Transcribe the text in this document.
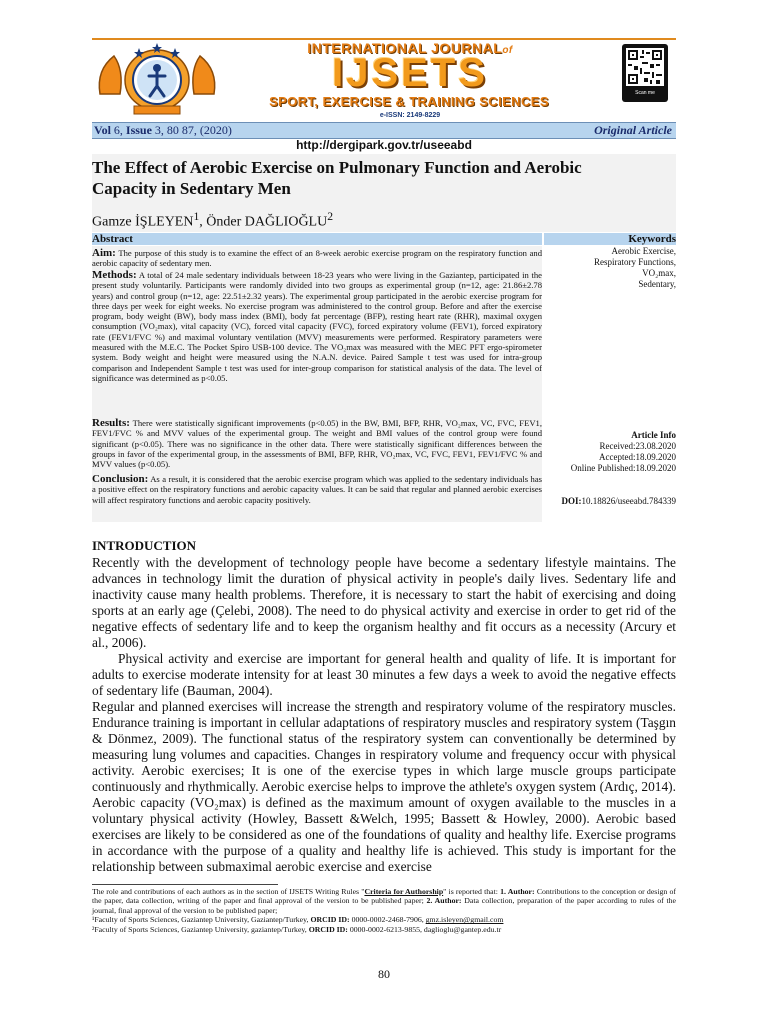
INTERNATIONAL JOURNALof
IJSETS
SPORT, EXERCISE & TRAINING SCIENCES
e-ISSN: 2149-8229
Scan me
Vol 6, Issue 3, 80 87, (2020)	Original Article
http://dergipark.gov.tr/useeabd
The Effect of Aerobic Exercise on Pulmonary Function and Aerobic Capacity in Sedentary Men
Gamze İŞLEYEN$^1$, Önder DAĞLIOĞLU$^2$
Abstract	Keywords
Aim: The purpose of this study is to examine the effect of an 8-week aerobic exercise program on the respiratory function and aerobic capacity of sedentary men.
Methods: A total of 24 male sedentary individuals between 18-23 years who were living in the Gaziantep, participated in the present study voluntarily. Participants were randomly divided into two groups as experimental group (n=12, age: 21.86±2.78 years) and control group (n=12, age: 22.51±2.32 years). The experimental group participated in the aerobic exercise program for three days per week for eight weeks. No exercise program was administered to the control group. Before and after the exercise program, body weight (BW), body mass index (BMI), body fat percentage (BFP), resting heart rate (RHR), maximal oxygen consumption (VO₂max), vital capacity (VC), forced vital capacity (FVC), forced expiratory volume (FEV1), forced expiratory rate (FEV1/FVC %) and maximal voluntary ventilation (MVV) measurements were performed. Respiratory parameters were measured with the M.E.C. The Pocket Spiro USB-100 device. The VO₂max was measured with the MEC PFT ergo-spirometer system. Body weight and height were measured using the N.A.N. device. Paired Sample t test was used for intra-group comparison and Independent Sample t test was used for inter-group comparison for statistical analysis of the data. The level of significance was determined as p<0.05.
Results: There were statistically significant improvements (p<0.05) in the BW, BMI, BFP, RHR, VO₂max, VC, FVC, FEV1, FEV1/FVC % and MVV values of the experimental group. The weight and BMI values of the control group were found significant (p<0.05). There was no significance in the other data. There were statistically significant differences between the groups in favor of the experimental group, in the assessments of BMI, BFP, RHR, VO₂max, VC, FVC, FEV1, FEV1/FVC % and MVV values (p<0.05).
Conclusion: As a result, it is considered that the aerobic exercise program which was applied to the sedentary individuals has a positive effect on the respiratory functions and aerobic capacity values. It can be said that regular and planned aerobic exercises will affect respiratory functions and aerobic capacity positively.
Aerobic Exercise,
Respiratory Functions,
VO₂max,
Sedentary,
Article Info
Received:23.08.2020
Accepted:18.09.2020
Online Published:18.09.2020
DOI:10.18826/useeabd.784339
INTRODUCTION

Recently with the development of technology people have become a sedentary lifestyle maintains. The advances in technology limit the duration of physical activity in people's daily lives. Sedentary life and inactivity cause many health problems. Therefore, it is necessary to start the habit of exercising and doing sports at an early age (Çelebi, 2008). The need to do physical activity and exercise in order to get rid of the negative effects of sedentary life and to keep the organism healthy and fit occurs as a necessity (Arcury et al., 2006).

Physical activity and exercise are important for general health and quality of life. It is important for adults to exercise moderate intensity for at least 30 minutes a few days a week to avoid the negative effects of sedentary life (Bauman, 2004).

Regular and planned exercises will increase the strength and respiratory volume of the respiratory muscles. Endurance training is important in cellular adaptations of respiratory muscles and respiratory system (Taşgın & Dönmez, 2009). The functional status of the respiratory system can conventionally be determined by measuring lung volumes and capacities. Changes in respiratory volume and frequency occur with physical activity. Aerobic exercises; It is one of the exercise types in which large muscle groups participate continuously and rhythmically. Aerobic exercise helps to improve the athlete's oxygen system (Ardıç, 2014). Aerobic capacity (VO₂max) is defined as the maximum amount of oxygen available to the muscles in a voluntary physical activity (Howley, Bassett &Welch, 1995; Bassett & Howley, 2000). Aerobic based exercises are likely to be considered as one of the foundations of quality and healthy life. Exercise programs in accordance with the purpose of a quality and healthy life is achieved. This study is important for the relationship between submaximal aerobic exercise and exercise

The role and contributions of each authors as in the section of IJSETS Writing Rules "Criteria for Authorship" is reported that: 1. Author: Contributions to the conception or design of the paper, data collection, writing of the paper and final approval of the version to be published paper; 2. Author: Data collection, preparation of the paper according to rules of the journal, final approval of the version to be published paper;

¹Faculty of Sports Sciences, Gaziantep University, Gaziantep/Turkey, ORCID ID: 0000-0002-2468-7906, gmz.isleyen@gmail.com

²Faculty of Sports Sciences, Gaziantep University, gaziantep/Turkey, ORCID ID: 0000-0002-6213-9855, daglioglu@gantep.edu.tr

80
